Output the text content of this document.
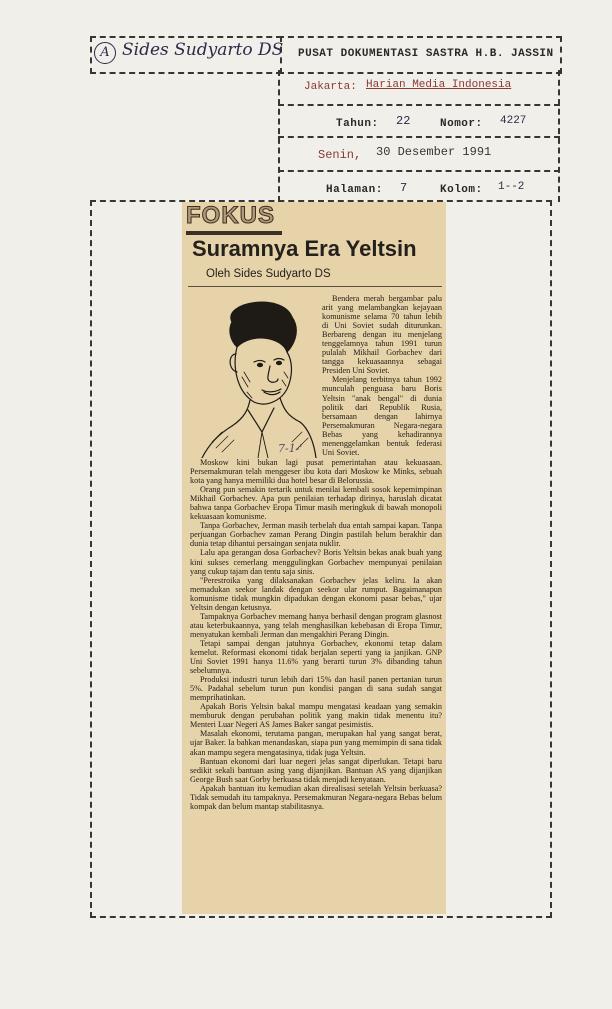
A Sides Sudyarto DS PUSAT DOKUMENTASI SASTRA H.B. JASSIN
Jakarta: Harian Media Indonesia
Tahun: 22	Nomor: 4227
Senin, 30 Desember 1991
Halaman: 7	Kolom: 1--2
FOKUS
Suramnya Era Yeltsin
Oleh Sides Sudyarto DS
7-1-'

Bendera merah bergambar palu arit yang melambangkan kejayaan komunisme selama 70 tahun lebih di Uni Soviet sudah diturunkan. Berbareng dengan itu menjelang tenggelamnya tahun 1991 turun pulalah Mikhail Gorbachev dari tangga kekuasaannya sebagai Presiden Uni Soviet.

Menjelang terbitnya tahun 1992 munculah penguasa baru Boris Yeltsin "anak bengal" di dunia politik dari Republik Rusia, bersamaan dengan lahirnya Persemakmuran Negara-negara Bebas yang kehadirannya menenggelamkan bentuk federasi Uni Soviet.

Moskow kini bukan lagi pusat pemerintahan atau kekuasaan. Persemakmuran telah menggeser ibu kota dari Moskow ke Minks, sebuah kota yang hanya memiliki dua hotel besar di Belorussia.

Orang pun semakin tertarik untuk menilai kembali sosok kepemimpinan Mikhail Gorbachev. Apa pun penilaian terhadap dirinya, haruslah dicatat bahwa tanpa Gorbachev Eropa Timur masih meringkuk di bawah monopoli kekuasaan komunisme.

Tanpa Gorbachev, Jerman masih terbelah dua entah sampai kapan. Tanpa perjuangan Gorbachev zaman Perang Dingin pastilah belum berakhir dan dunia tetap dihantui persaingan senjata nuklir.

Lalu apa gerangan dosa Gorbachev? Boris Yeltsin bekas anak buah yang kini sukses cemerlang menggulingkan Gorbachev mempunyai penilaian yang cukup tajam dan tentu saja sinis.

"Perestroika yang dilaksanakan Gorbachev jelas keliru. Ia akan memadukan seekor landak dengan seekor ular rumput. Bagaimanapun komunisme tidak mungkin dipadukan dengan ekonomi pasar bebas," ujar Yeltsin dengan ketusnya.

Tampaknya Gorbachev memang hanya berhasil dengan program glasnost atau keterbukaannya, yang telah menghasilkan kebebasan di Eropa Timur, menyatukan kembali Jerman dan mengakhiri Perang Dingin.

Tetapi sampai dengan jatuhnya Gorbachev, ekonomi tetap dalam kemelut. Reformasi ekonomi tidak berjalan seperti yang ia janjikan. GNP Uni Soviet 1991 hanya 11.6% yang berarti turun 3% dibanding tahun sebelumnya.

Produksi industri turun lebih dari 15% dan hasil panen pertanian turun 5%. Padahal sebelum turun pun kondisi pangan di sana sudah sangat memprihatinkan.

Apakah Boris Yeltsin bakal mampu mengatasi keadaan yang semakin memburuk dengan perubahan politik yang makin tidak menentu itu? Menteri Luar Negeri AS James Baker sangat pesimistis.

Masalah ekonomi, terutama pangan, merupakan hal yang sangat berat, ujar Baker. Ia bahkan menandaskan, siapa pun yang memimpin di sana tidak akan mampu segera mengatasinya, tidak juga Yeltsin.

Bantuan ekonomi dari luar negeri jelas sangat diperlukan. Tetapi baru sedikit sekali bantuan asing yang dijanjikan. Bantuan AS yang dijanjikan George Bush saat Gorby berkuasa tidak menjadi kenyataan.

Apakah bantuan itu kemudian akan direalisasi setelah Yeltsin berkuasa? Tidak semudah itu tampaknya. Persemakmuran Negara-negara Bebas belum kompak dan belum mantap stabilitasnya.
